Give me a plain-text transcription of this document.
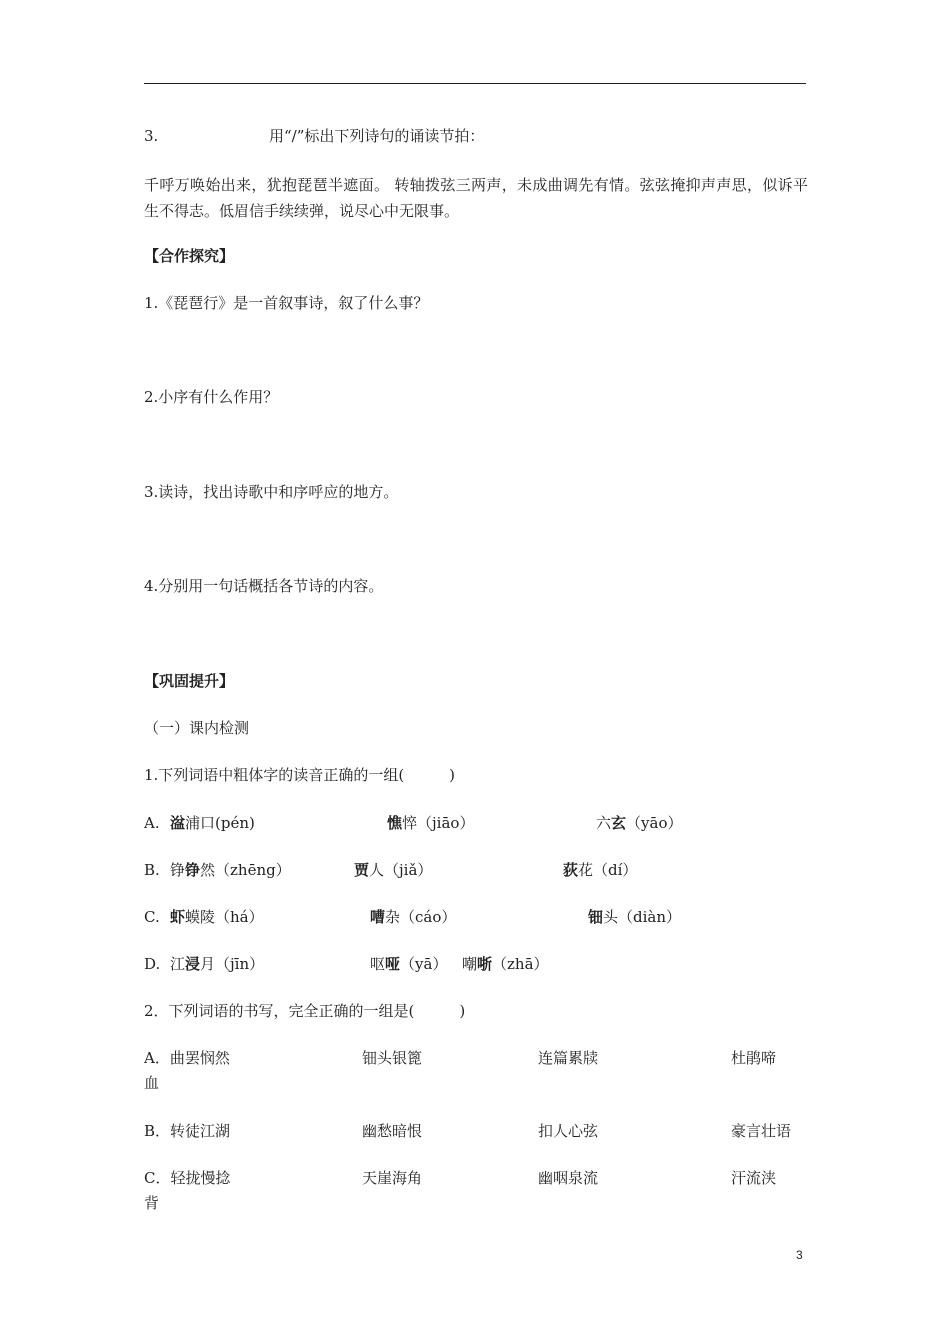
3.	用“/”标出下列诗句的诵读节拍：
千呼万唤始出来，犹抱琵琶半遮面。 转轴拨弦三两声，未成曲调先有情。弦弦掩抑声声思，似诉平生不得志。低眉信手续续弹，说尽心中无限事。
【合作探究】
1.《琵琶行》是一首叙事诗，叙了什么事？
2.小序有什么作用？
3.读诗，找出诗歌中和序呼应的地方。
4.分别用一句话概括各节诗的内容。
【巩固提升】
（一）课内检测
1.下列词语中粗体字的读音正确的一组(　　　)
A. 湓浦口(pén)	憔悴（jiāo）	六玄（yāo）
B. 铮铮然（zhēng）	贾人（jiǎ）	荻花（dí）
C. 虾蟆陵（há）	嘈杂（cáo）	钿头（diàn）
D. 江浸月（jīn）	呕哑（yā） 嘲哳（zhā）
2．下列词语的书写，完全正确的一组是(　　　)
A．曲罢悯然	钿头银篦	连篇累牍	杜鹃啼
血
B．转徒江湖	幽愁暗恨	扣人心弦	豪言壮语
C．轻拢慢捻	天崖海角	幽咽泉流	汗流浃
背
3
